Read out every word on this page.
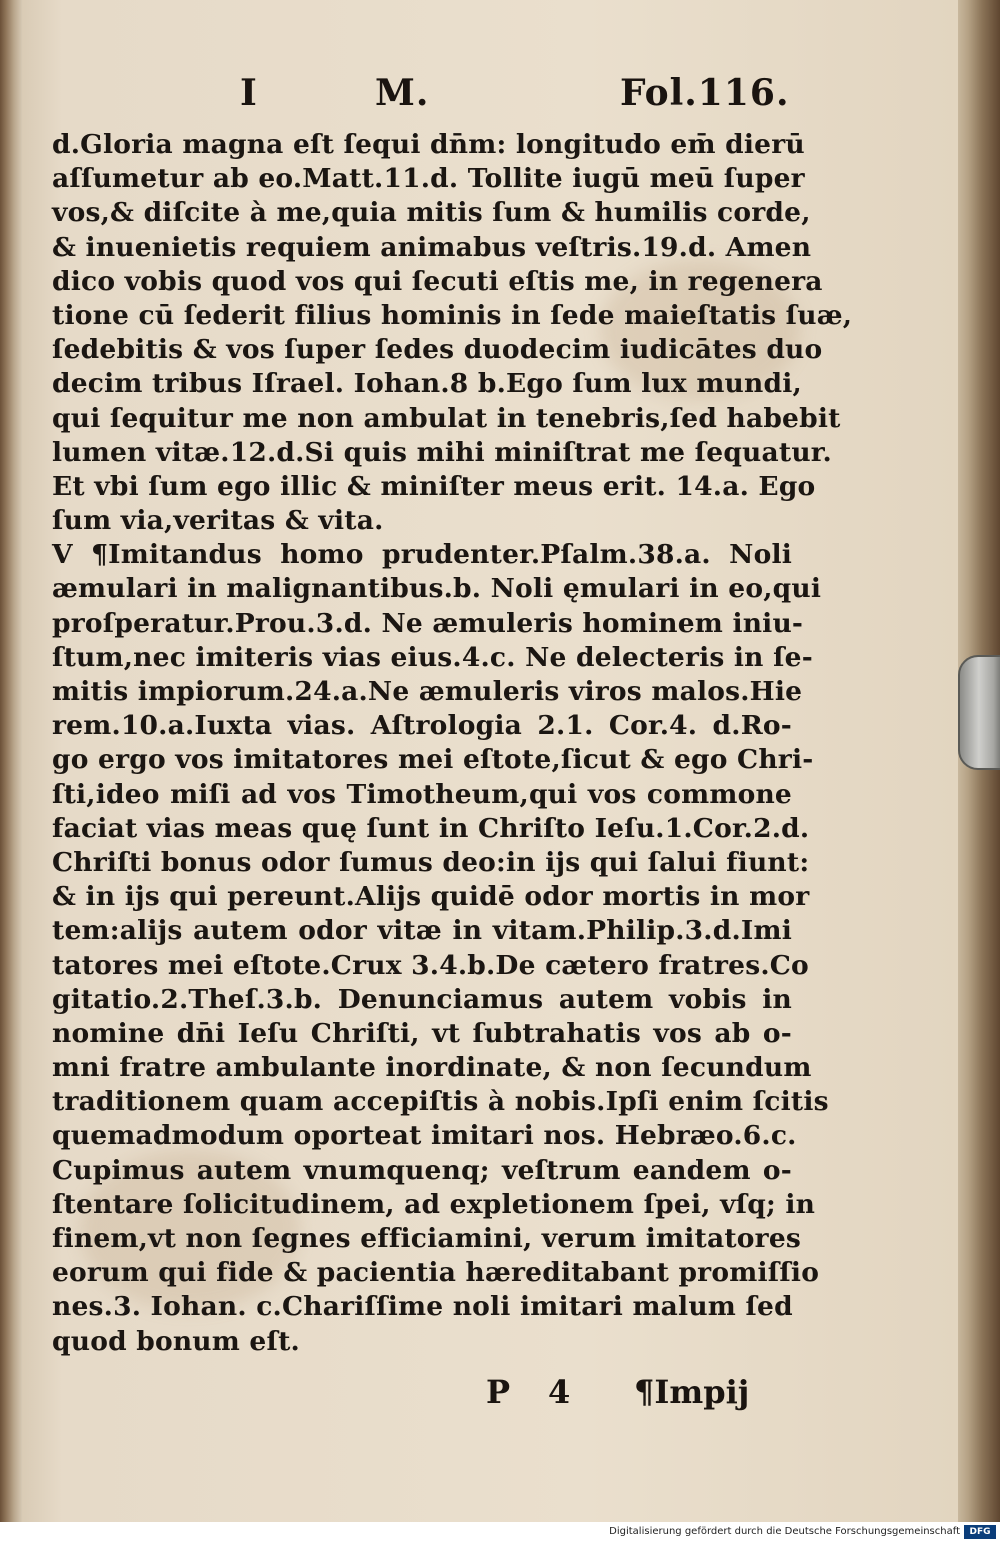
I	M.	Fol.116.
d.Gloria magna eſt ſequi dn̄m: longitudo em̄ dierū
aſſumetur ab eo.Matt.11.d. Tollite iugū meū ſuper
vos,& diſcite à me,quia mitis ſum & humilis corde,
& inuenietis requiem animabus veſtris.19.d. Amen
dico vobis quod vos qui ſecuti eſtis me, in regenera
tione cū ſederit filius hominis in ſede maieſtatis ſuæ,
ſedebitis & vos ſuper ſedes duodecim iudicātes duo
decim tribus Iſrael. Iohan.8 b.Ego ſum lux mundi,
qui ſequitur me non ambulat in tenebris,ſed habebit
lumen vitæ.12.d.Si quis mihi miniſtrat me ſequatur.
Et vbi ſum ego illic & miniſter meus erit. 14.a. Ego
ſum via,veritas & vita.
V ¶Imitandus homo prudenter.Pſalm.38.a. Noli
æmulari in malignantibus.b. Noli ęmulari in eo,qui
proſperatur.Prou.3.d. Ne æmuleris hominem iniu-
ſtum,nec imiteris vias eius.4.c. Ne delecteris in ſe-
mitis impiorum.24.a.Ne æmuleris viros malos.Hie
rem.10.a.Iuxta vias. Aſtrologia 2.1. Cor.4. d.Ro-
go ergo vos imitatores mei eſtote,ſicut & ego Chri-
ſti,ideo miſi ad vos Timotheum,qui vos commone
faciat vias meas quę ſunt in Chriſto Ieſu.1.Cor.2.d.
Chriſti bonus odor ſumus deo:in ijs qui ſalui fiunt:
& in ijs qui pereunt.Alijs quidē odor mortis in mor
tem:alijs autem odor vitæ in vitam.Philip.3.d.Imi
tatores mei eſtote.Crux 3.4.b.De cætero fratres.Co
gitatio.2.Theſ.3.b. Denunciamus autem vobis in
nomine dn̄i Ieſu Chriſti, vt ſubtrahatis vos ab o-
mni fratre ambulante inordinate, & non ſecundum
traditionem quam accepiſtis à nobis.Ipſi enim ſcitis
quemadmodum oporteat imitari nos. Hebræo.6.c.
Cupimus autem vnumquenq; veſtrum eandem o-
ſtentare ſolicitudinem, ad expletionem ſpei, vſq; in
finem,vt non ſegnes efficiamini, verum imitatores
eorum qui fide & pacientia hæreditabant promiſſio
nes.3. Iohan. c.Chariſſime noli imitari malum ſed
quod bonum eſt.
P 4 ¶Impij
Digitalisierung gefördert durch die Deutsche Forschungsgemeinschaft	DFG
